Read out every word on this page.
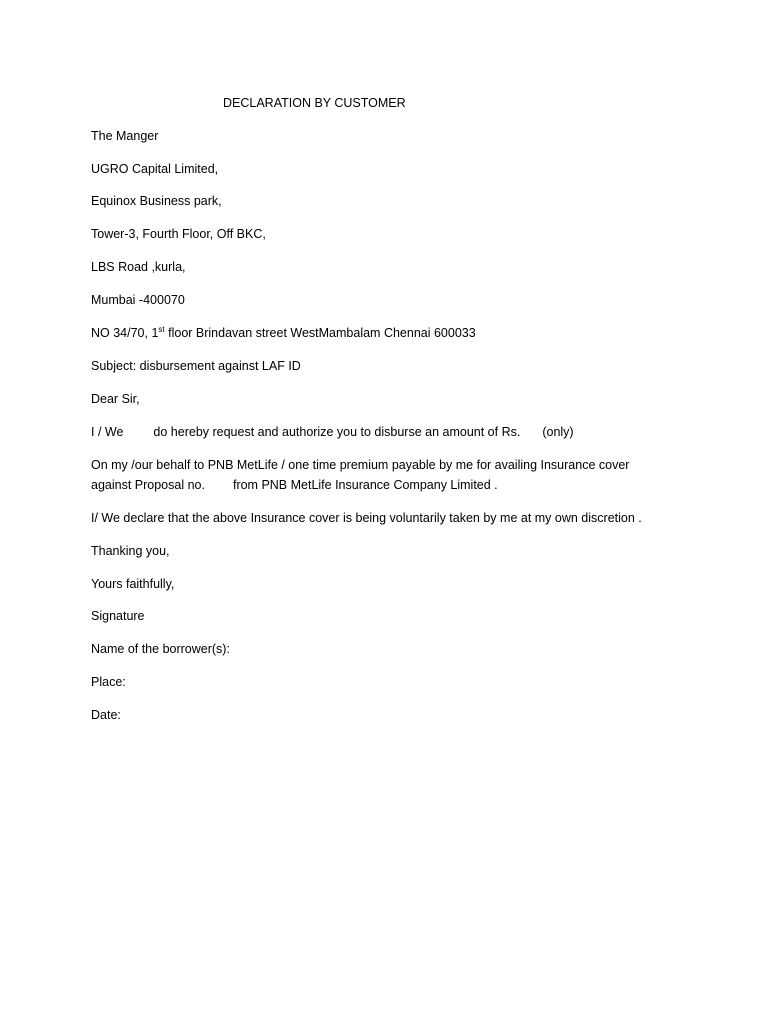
DECLARATION BY CUSTOMER
The Manger
UGRO Capital Limited,
Equinox Business park,
Tower-3, Fourth Floor, Off BKC,
LBS Road ,kurla,
Mumbai -400070
NO 34/70, 1st floor Brindavan street WestMambalam Chennai 600033
Subject: disbursement against LAF ID
Dear Sir,
I / We do hereby request and authorize you to disburse an amount of Rs. (only)
On my /our behalf to PNB MetLife / one time premium payable by me for availing Insurance cover
against Proposal no. from PNB MetLife Insurance Company Limited .
I/ We declare that the above Insurance cover is being voluntarily taken by me at my own discretion .
Thanking you,
Yours faithfully,
Signature
Name of the borrower(s):
Place:
Date:
